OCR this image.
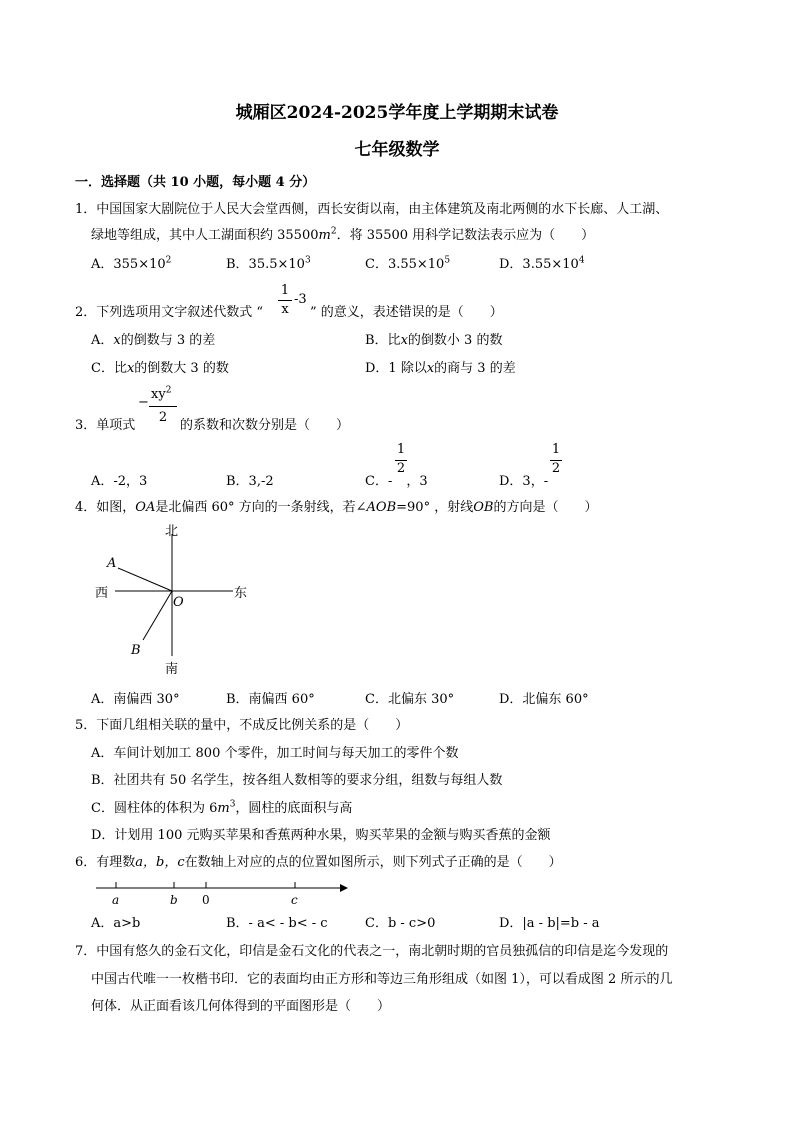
城厢区2024-2025学年度上学期期末试卷
七年级数学
一．选择题（共 10 小题，每小题 4 分）
1．中国国家大剧院位于人民大会堂西侧，西长安街以南，由主体建筑及南北两侧的水下长廊、人工湖、
绿地等组成，其中人工湖面积约 $35500m^2$．将 35500 用科学记数法表示应为（　　）
A．$355\times 10^2$	B．$35.5\times 10^3$	C．$3.55\times 10^5$	D．$3.55\times 10^4$
2．下列选项用文字叙述代数式 “
1
x
-3
” 的意义，表述错误的是（　　）
A．x的倒数与 3 的差	B．比x的倒数小 3 的数
C．比x的倒数大 3 的数	D．1 除以x的商与 3 的差
−
$xy^2$
2
3．单项式	的系数和次数分别是（　　）
A．-2，3	B．3,-2	C．- ，3
1
2
D．3，-
1
2
4．如图，OA是北偏西 60° 方向的一条射线，若∠AOB=90° ，射线OB的方向是（　　）
北
南
西	东
A
B
O
A．南偏西 30°	B．南偏西 60°	C．北偏东 30°	D．北偏东 60°
5．下面几组相关联的量中，不成反比例关系的是（　　）
A．车间计划加工 800 个零件，加工时间与每天加工的零件个数
B．社团共有 50 名学生，按各组人数相等的要求分组，组数与每组人数
C．圆柱体的体积为 $6m^3$，圆柱的底面积与高
D．计划用 100 元购买苹果和香蕉两种水果，购买苹果的金额与购买香蕉的金额
6．有理数a，b，c在数轴上对应的点的位置如图所示，则下列式子正确的是（　　）
a	b 0	c
A．a>b	B．- a< - b< - c	C．b - c>0	D．|a - b|=b - a
7．中国有悠久的金石文化，印信是金石文化的代表之一，南北朝时期的官员独孤信的印信是迄今发现的
中国古代唯一一枚楷书印．它的表面均由正方形和等边三角形组成（如图 1），可以看成图 2 所示的几
何体．从正面看该几何体得到的平面图形是（　　）
